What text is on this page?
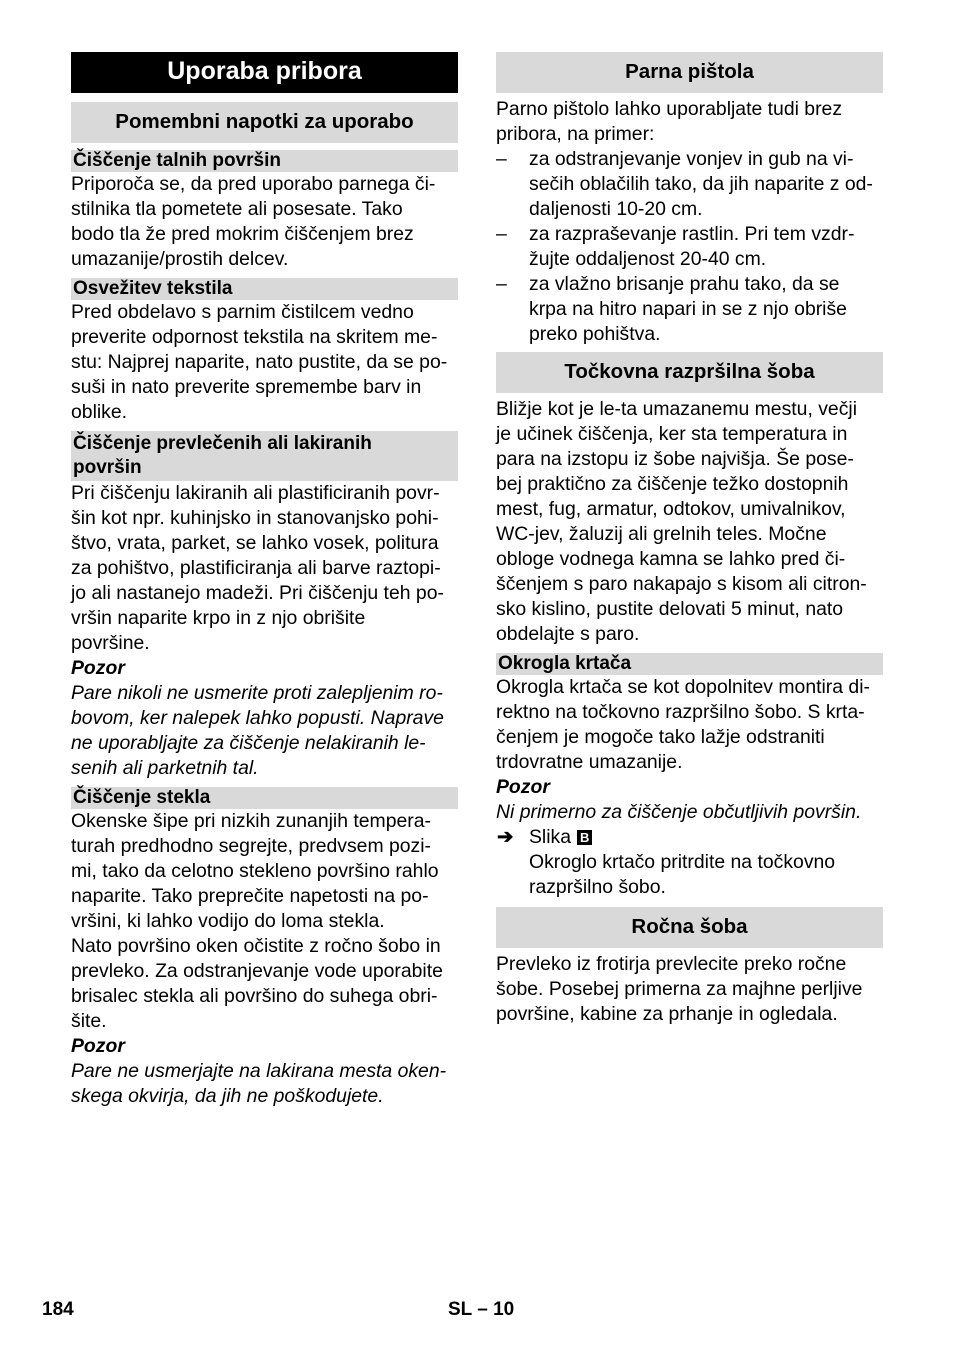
Uporaba pribora
Pomembni napotki za uporabo
Čiščenje talnih površin
Priporoča se, da pred uporabo parnega či-
stilnika tla pometete ali posesate. Tako
bodo tla že pred mokrim čiščenjem brez
umazanije/prostih delcev.
Osvežitev tekstila
Pred obdelavo s parnim čistilcem vedno
preverite odpornost tekstila na skritem me-
stu: Najprej naparite, nato pustite, da se po-
suši in nato preverite spremembe barv in
oblike.
Čiščenje prevlečenih ali lakiranih
površin
Pri čiščenju lakiranih ali plastificiranih povr-
šin kot npr. kuhinjsko in stanovanjsko pohi-
štvo, vrata, parket, se lahko vosek, politura
za pohištvo, plastificiranja ali barve raztopi-
jo ali nastanejo madeži. Pri čiščenju teh po-
vršin naparite krpo in z njo obrišite
površine.
Pozor
Pare nikoli ne usmerite proti zalepljenim ro-
bovom, ker nalepek lahko popusti. Naprave
ne uporabljajte za čiščenje nelakiranih le-
senih ali parketnih tal.
Čiščenje stekla
Okenske šipe pri nizkih zunanjih tempera-
turah predhodno segrejte, predvsem pozi-
mi, tako da celotno stekleno površino rahlo
naparite. Tako preprečite napetosti na po-
vršini, ki lahko vodijo do loma stekla.
Nato površino oken očistite z ročno šobo in
prevleko. Za odstranjevanje vode uporabite
brisalec stekla ali površino do suhega obri-
šite.
Pozor
Pare ne usmerjajte na lakirana mesta oken-
skega okvirja, da jih ne poškodujete.
Parna pištola
Parno pištolo lahko uporabljate tudi brez
pribora, na primer:
– za odstranjevanje vonjev in gub na vi-
sečih oblačilih tako, da jih naparite z od-
daljenosti 10-20 cm.
– za razpraševanje rastlin. Pri tem vzdr-
žujte oddaljenost 20-40 cm.
– za vlažno brisanje prahu tako, da se
krpa na hitro napari in se z njo obriše
preko pohištva.
Točkovna razpršilna šoba
Bližje kot je le-ta umazanemu mestu, večji
je učinek čiščenja, ker sta temperatura in
para na izstopu iz šobe najvišja. Še pose-
bej praktično za čiščenje težko dostopnih
mest, fug, armatur, odtokov, umivalnikov,
WC-jev, žaluzij ali grelnih teles. Močne
obloge vodnega kamna se lahko pred či-
ščenjem s paro nakapajo s kisom ali citron-
sko kislino, pustite delovati 5 minut, nato
obdelajte s paro.
Okrogla krtača
Okrogla krtača se kot dopolnitev montira di-
rektno na točkovno razpršilno šobo. S krta-
čenjem je mogoče tako lažje odstraniti
trdovratne umazanije.
Pozor
Ni primerno za čiščenje občutljivih površin.
➔ Slika B
Okroglo krtačo pritrdite na točkovno
razpršilno šobo.
Ročna šoba
Prevleko iz frotirja prevlecite preko ročne
šobe. Posebej primerna za majhne perljive
površine, kabine za prhanje in ogledala.
184	SL – 10
